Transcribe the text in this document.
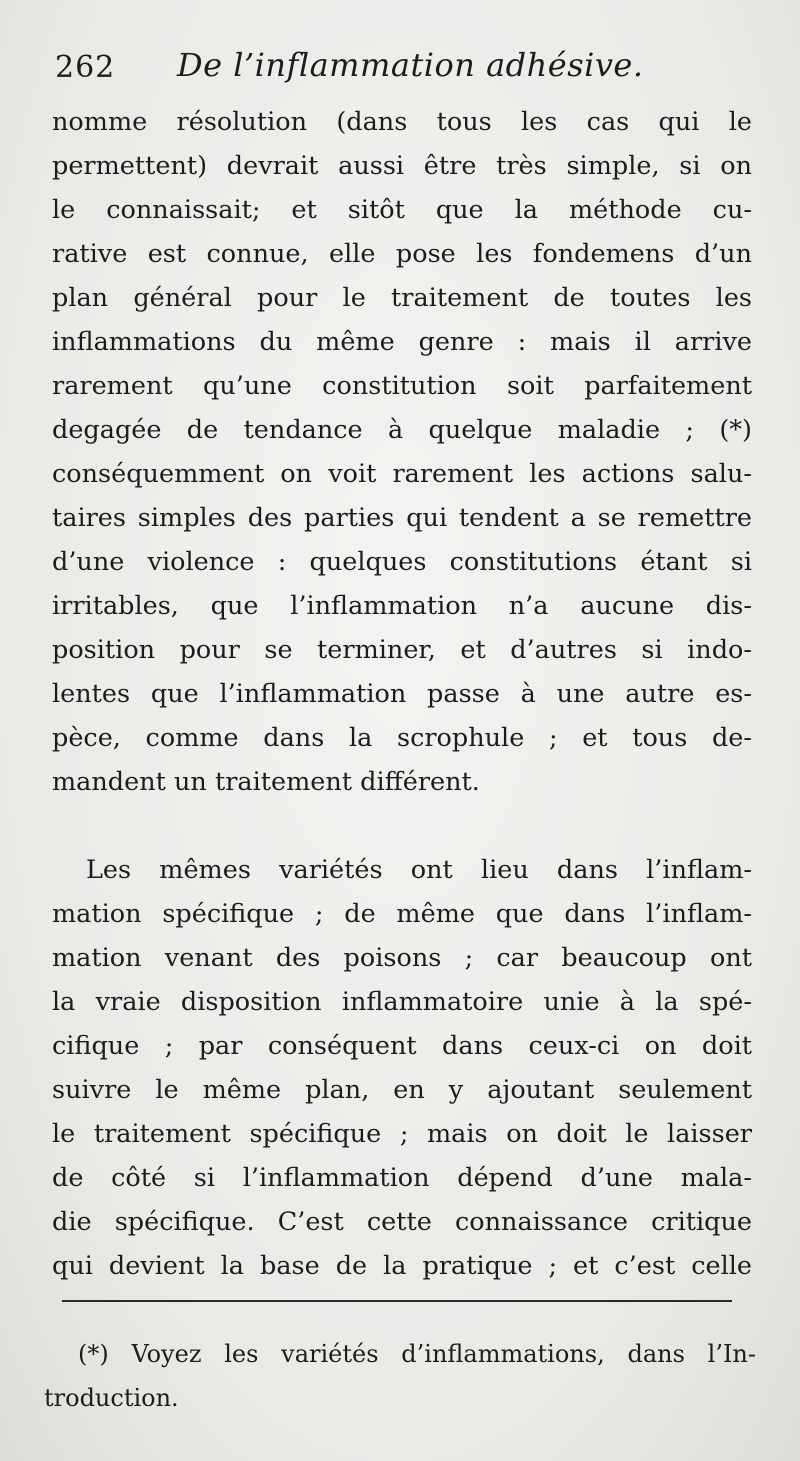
262 De l’inflammation adhésive.
nomme résolution (dans tous les cas qui le
permettent) devrait aussi être très simple, si on
le connaissait; et sitôt que la méthode cu-
rative est connue, elle pose les fondemens d’un
plan général pour le traitement de toutes les
inflammations du même genre : mais il arrive
rarement qu’une constitution soit parfaitement
degagée de tendance à quelque maladie ; (*)
conséquemment on voit rarement les actions salu-
taires simples des parties qui tendent a se remettre
d’une violence : quelques constitutions étant si
irritables, que l’inflammation n’a aucune dis-
position pour se terminer, et d’autres si indo-
lentes que l’inflammation passe à une autre es-
pèce, comme dans la scrophule ; et tous de-
mandent un traitement différent.
Les mêmes variétés ont lieu dans l’inflam-
mation spécifique ; de même que dans l’inflam-
mation venant des poisons ; car beaucoup ont
la vraie disposition inflammatoire unie à la spé-
cifique ; par conséquent dans ceux-ci on doit
suivre le même plan, en y ajoutant seulement
le traitement spécifique ; mais on doit le laisser
de côté si l’inflammation dépend d’une mala-
die spécifique. C’est cette connaissance critique
qui devient la base de la pratique ; et c’est celle
(*) Voyez les variétés d’inflammations, dans l’In-
troduction.
